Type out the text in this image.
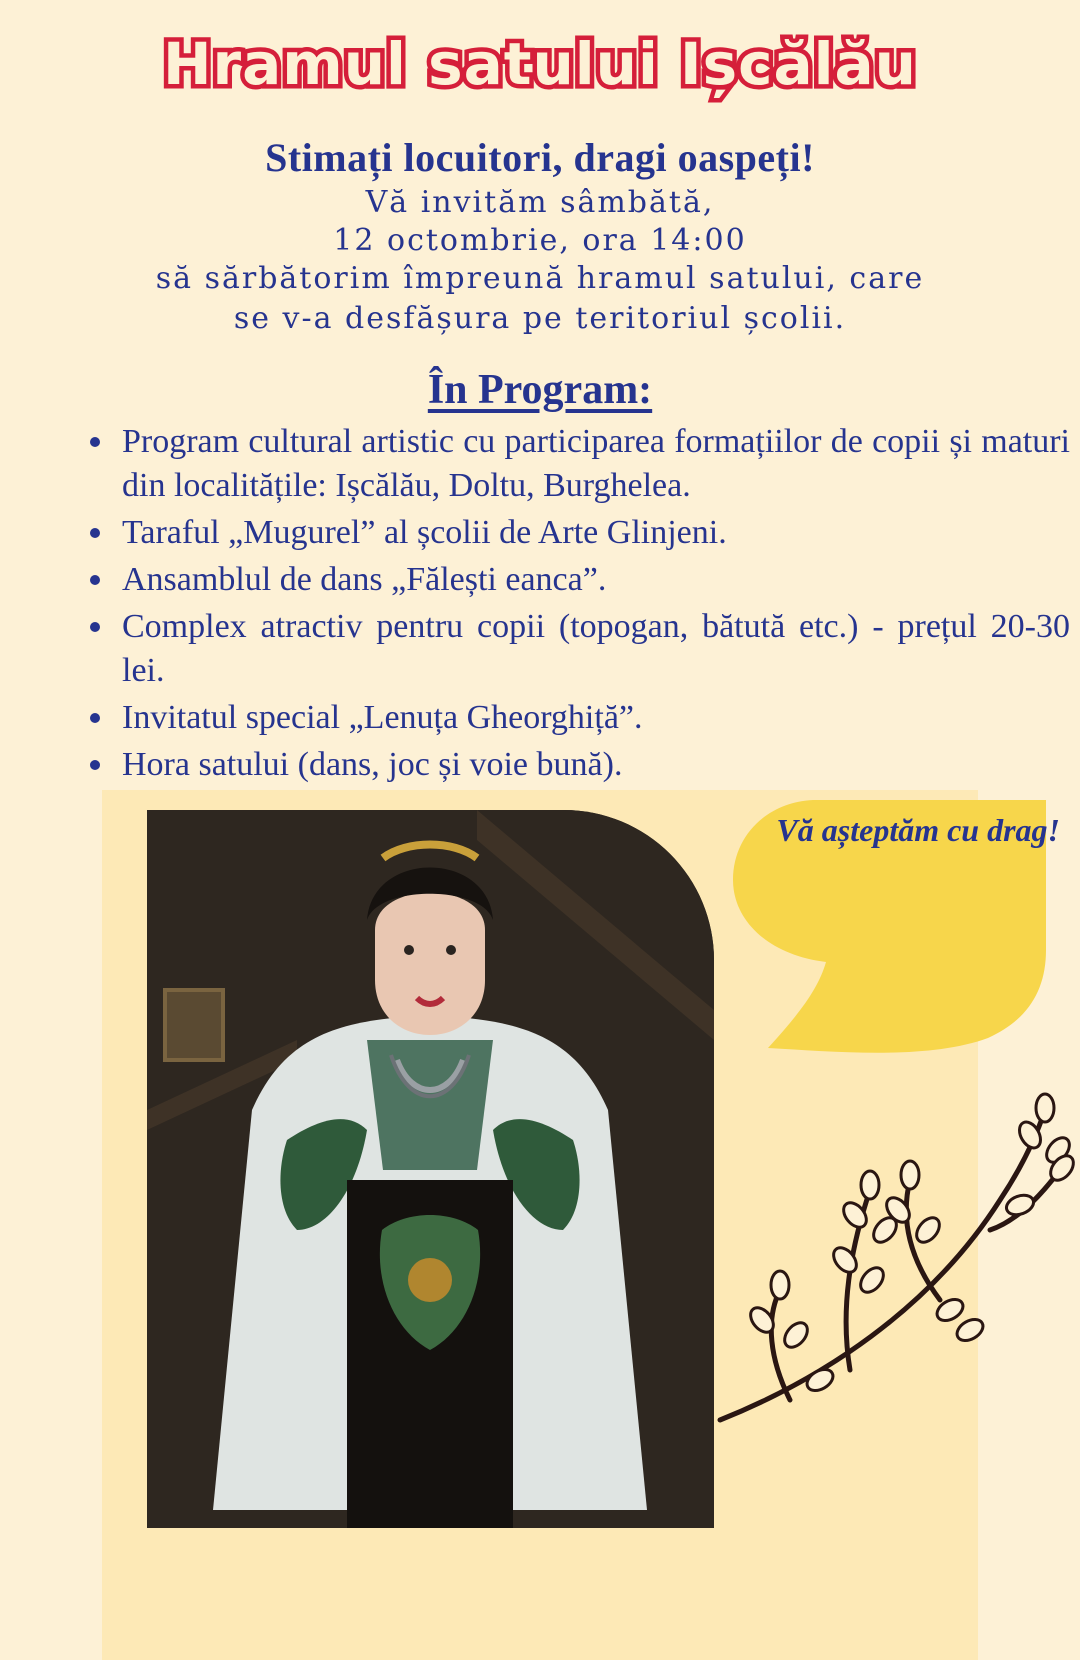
Hramul satului Ișcălău
Stimați locuitori, dragi oaspeți!
Vă invităm sâmbătă,
12 octombrie, ora 14:00
să sărbătorim împreună hramul satului, care
se v-a desfășura pe teritoriul școlii.
În Program:
Program cultural artistic cu participarea formațiilor de copii și maturi din localitățile: Ișcălău, Doltu, Burghelea.
Taraful „Mugurel” al școlii de Arte Glinjeni.
Ansamblul de dans „Fălești eanca”.
Complex atractiv pentru copii (topogan, bătută etc.) - prețul 20-30 lei.
Invitatul special „Lenuța Gheorghiță”.
Hora satului (dans, joc și voie bună).
Vă așteptăm cu drag!
